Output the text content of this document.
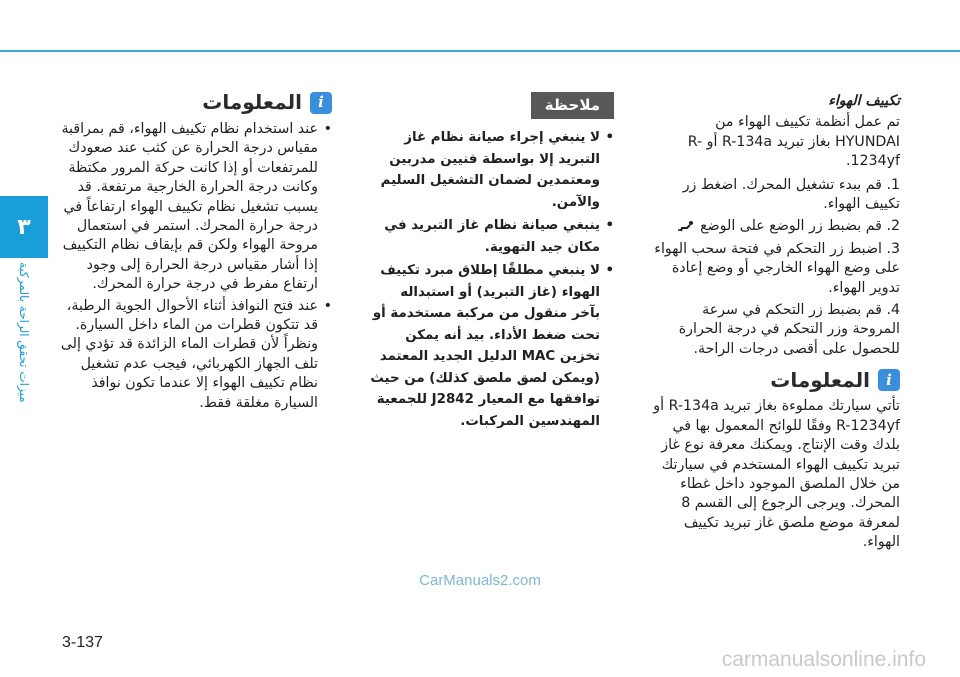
٣
ميزات تحقق الراحة بالمركبة
تكييف الهواء

تم عمل أنظمة تكييف الهواء من HYUNDAI بغاز تبريد R-134a أو R-1234yf.

1. قم ببدء تشغيل المحرك. اضغط زر تكييف الهواء.
2. قم بضبط زر الوضع على الوضع
3. اضبط زر التحكم في فتحة سحب الهواء على وضع الهواء الخارجي أو وضع إعادة تدوير الهواء.
4. قم بضبط زر التحكم في سرعة المروحة وزر التحكم في درجة الحرارة للحصول على أقصى درجات الراحة.
i
المعلومات

تأتي سيارتك مملوءة بغاز تبريد R-134a أو R-1234yf وفقًا للوائح المعمول بها في بلدك وقت الإنتاج. ويمكنك معرفة نوع غاز تبريد تكييف الهواء المستخدم في سيارتك من خلال الملصق الموجود داخل غطاء المحرك. ويرجى الرجوع إلى القسم 8 لمعرفة موضع ملصق غاز تبريد تكييف الهواء.

ملاحظة
• لا ينبغي إجراء صيانة نظام غاز التبريد إلا بواسطة فنيين مدربين ومعتمدين لضمان التشغيل السليم والآمن.
• ينبغي صيانة نظام غاز التبريد في مكان جيد التهوية.
• لا ينبغي مطلقًا إطلاق مبرد تكييف الهواء (غاز التبريد) أو استبداله بآخر منقول من مركبة مستخدمة أو تحت ضغط الأداء. بيد أنه يمكن تخزين MAC الدليل الجديد المعتمد (ويمكن لصق ملصق كذلك) من حيث توافقها مع المعيار J2842 للجمعية المهندسين المركبات.
i
المعلومات
• عند استخدام نظام تكييف الهواء، قم بمراقبة مقياس درجة الحرارة عن كثب عند صعودك للمرتفعات أو إذا كانت حركة المرور مكتظة وكانت درجة الحرارة الخارجية مرتفعة. قد يسبب تشغيل نظام تكييف الهواء ارتفاعاً في درجة حرارة المحرك. استمر في استعمال مروحة الهواء ولكن قم بإيقاف نظام التكييف إذا أشار مقياس درجة الحرارة إلى وجود ارتفاع مفرط في درجة حرارة المحرك.
• عند فتح النوافذ أثناء الأحوال الجوية الرطبة، قد تتكون قطرات من الماء داخل السيارة. ونظراً لأن قطرات الماء الزائدة قد تؤدي إلى تلف الجهاز الكهربائي، فيجب عدم تشغيل نظام تكييف الهواء إلا عندما تكون نوافذ السيارة مغلقة فقط.
CarManuals2.com
3-137
carmanualsonline.info
